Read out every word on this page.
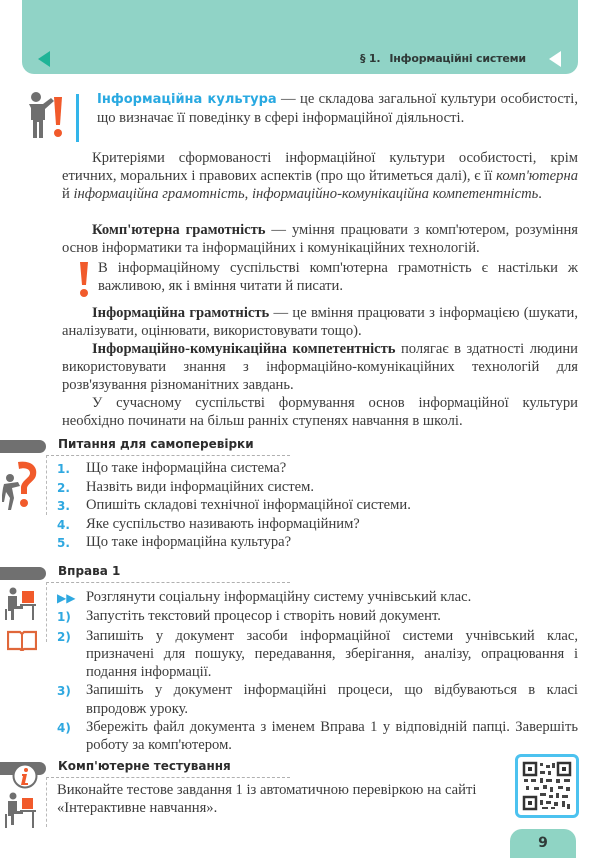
§ 1. Інформаційні системи
Інформаційна культура — це складова загальної культури особистості, що визначає її поведінку в сфері інформаційної діяльності.

Критеріями сформованості інформаційної культури особистості, крім етичних, моральних і правових аспектів (про що йтиметься далі), є її комп'ютерна й інформаційна грамотність, інформаційно-комунікаційна компетентність.

Комп'ютерна грамотність — уміння працювати з комп'ютером, розуміння основ інформатики та інформаційних і комунікаційних технологій.

В інформаційному суспільстві комп'ютерна грамотність є настільки ж важливою, як і вміння читати й писати.

Інформаційна грамотність — це вміння працювати з інформацією (шукати, аналізувати, оцінювати, використовувати тощо).

Інформаційно-комунікаційна компетентність полягає в здатності людини використовувати знання з інформаційно-комунікаційних технологій для розв'язування різноманітних завдань.

У сучасному суспільстві формування основ інформаційної культури необхідно починати на більш ранніх ступенях навчання в школі.

Питання для самоперевірки
1.	Що таке інформаційна система?
2.	Назвіть види інформаційних систем.
3.	Опишіть складові технічної інформаційної системи.
4.	Яке суспільство називають інформаційним?
5.	Що таке інформаційна культура?
Вправа 1
▶▶ Розглянути соціальну інформаційну систему учнівський клас.
1)	Запустіть текстовий процесор і створіть новий документ.
2)	Запишіть у документ засоби інформаційної системи учнівський клас, призначені для пошуку, передавання, зберігання, аналізу, опрацювання і подання інформації.
3)	Запишіть у документ інформаційні процеси, що відбуваються в класі впродовж уроку.
4)	Збережіть файл документа з іменем Вправа 1 у відповідній папці. Завершіть роботу за комп'ютером.
Комп'ютерне тестування
Виконайте тестове завдання 1 із автоматичною перевіркою на сайті «Інтерактивне навчання».
9
